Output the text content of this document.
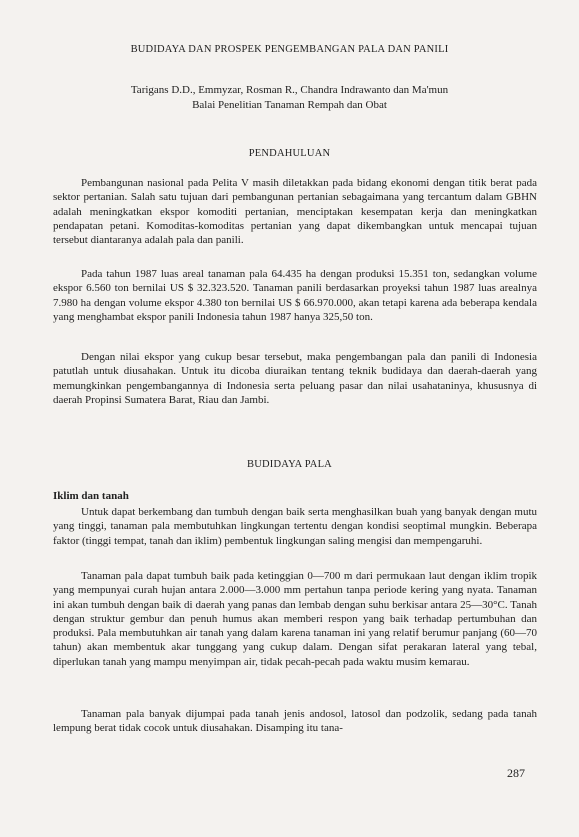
BUDIDAYA DAN PROSPEK PENGEMBANGAN PALA DAN PANILI
Tarigans D.D., Emmyzar, Rosman R., Chandra Indrawanto dan Ma'mun
Balai Penelitian Tanaman Rempah dan Obat
PENDAHULUAN

Pembangunan nasional pada Pelita V masih diletakkan pada bidang ekonomi dengan titik berat pada sektor pertanian. Salah satu tujuan dari pembangunan pertanian sebagaimana yang tercantum dalam GBHN adalah meningkatkan ekspor komoditi pertanian, menciptakan kesempatan kerja dan meningkatkan pendapatan petani. Komoditas-komoditas pertanian yang dapat dikembangkan untuk mencapai tujuan tersebut diantaranya adalah pala dan panili.

Pada tahun 1987 luas areal tanaman pala 64.435 ha dengan produksi 15.351 ton, sedangkan volume ekspor 6.560 ton bernilai US $ 32.323.520. Tanaman panili berdasarkan proyeksi tahun 1987 luas arealnya 7.980 ha dengan volume ekspor 4.380 ton bernilai US $ 66.970.000, akan tetapi karena ada beberapa kendala yang menghambat ekspor panili Indonesia tahun 1987 hanya 325,50 ton.

Dengan nilai ekspor yang cukup besar tersebut, maka pengembangan pala dan panili di Indonesia patutlah untuk diusahakan. Untuk itu dicoba diuraikan tentang teknik budidaya dan daerah-daerah yang memungkinkan pengembangannya di Indonesia serta peluang pasar dan nilai usahataninya, khususnya di daerah Propinsi Sumatera Barat, Riau dan Jambi.

BUDIDAYA PALA
Iklim dan tanah

Untuk dapat berkembang dan tumbuh dengan baik serta menghasilkan buah yang banyak dengan mutu yang tinggi, tanaman pala membutuhkan lingkungan tertentu dengan kondisi seoptimal mungkin. Beberapa faktor (tinggi tempat, tanah dan iklim) pembentuk lingkungan saling mengisi dan mempengaruhi.

Tanaman pala dapat tumbuh baik pada ketinggian 0—700 m dari permukaan laut dengan iklim tropik yang mempunyai curah hujan antara 2.000—3.000 mm pertahun tanpa periode kering yang nyata. Tanaman ini akan tumbuh dengan baik di daerah yang panas dan lembab dengan suhu berkisar antara 25—30°C. Tanah dengan struktur gembur dan penuh humus akan memberi respon yang baik terhadap pertumbuhan dan produksi. Pala membutuhkan air tanah yang dalam karena tanaman ini yang relatif berumur panjang (60—70 tahun) akan membentuk akar tunggang yang cukup dalam. Dengan sifat perakaran lateral yang tebal, diperlukan tanah yang mampu menyimpan air, tidak pecah-pecah pada waktu musim kemarau.

Tanaman pala banyak dijumpai pada tanah jenis andosol, latosol dan podzolik, sedang pada tanah lempung berat tidak cocok untuk diusahakan. Disamping itu tana-

287
